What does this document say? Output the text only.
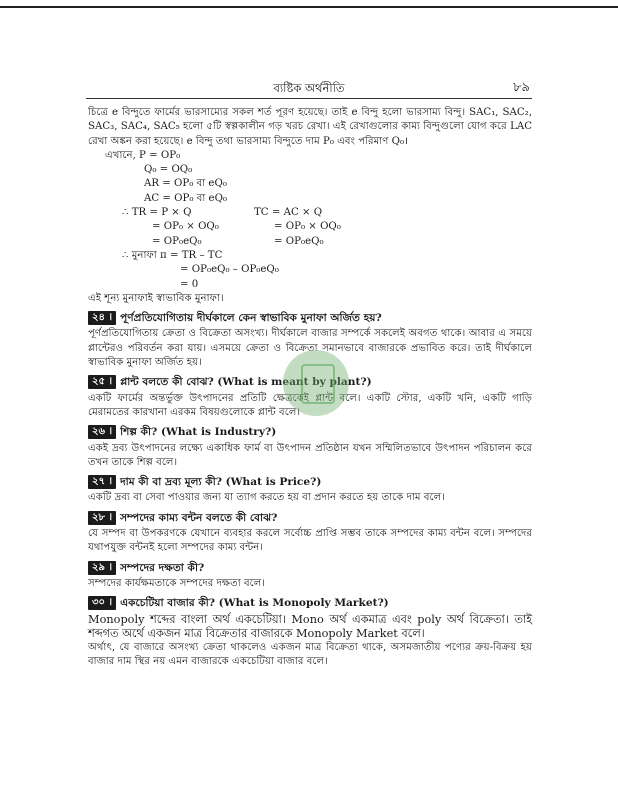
ব্যষ্টিক অর্থনীতি	৮৯

চিত্রে e বিন্দুতে ফার্মের ভারসাম্যের সকল শর্ত পূরণ হয়েছে। তাই e বিন্দু হলো ভারসাম্য বিন্দু। SAC₁, SAC₂, SAC₃, SAC₄, SAC₅ হলো ৫টি স্বল্পকালীন গড় খরচ রেখা। এই রেখাগুলোর কাম্য বিন্দুগুলো যোগ করে LAC রেখা অঙ্কন করা হয়েছে। e বিন্দু তথা ভারসাম্য বিন্দুতে দাম P₀ এবং পরিমাণ Q₀।

এখানে, P = OP₀

Q₀ = OQ₀

AR = OP₀ বা eQ₀

AC = OP₀ বা eQ₀

∴ TR = P × Q

= OP₀ × OQ₀

= OP₀eQ₀

TC = AC × Q

= OP₀ × OQ₀

= OP₀eQ₀

∴ মুনাফা π = TR – TC

= OP₀eQ₀ – OP₀eQ₀

= 0

এই শূন্য মুনাফাই স্বাভাবিক মুনাফা।

২৪ । পূর্ণপ্রতিযোগিতায় দীর্ঘকালে কেন স্বাভাবিক মুনাফা অর্জিত হয়?

পূর্ণপ্রতিযোগিতায় ক্রেতা ও বিক্রেতা অসংখ্য। দীর্ঘকালে বাজার সম্পর্কে সকলেই অবগত থাকে। আবার এ সময়ে প্লান্টেরও পরিবর্তন করা যায়। এসময়ে ক্রেতা ও বিক্রেতা সমানভাবে বাজারকে প্রভাবিত করে। তাই দীর্ঘকালে স্বাভাবিক মুনাফা অর্জিত হয়।

২৫ । প্লান্ট বলতে কী বোঝ? (What is meant by plant?)

একটি ফার্মের অন্তর্ভুক্ত উৎপাদনের প্রতিটি ক্ষেত্রকেই প্লান্ট বলে। একটি স্টোর, একটি খনি, একটি গাড়ি মেরামতের কারখানা এরকম বিষয়গুলোকে প্লান্ট বলে।

২৬ । শিল্প কী? (What is Industry?)

একই দ্রব্য উৎপাদনের লক্ষ্যে একাধিক ফার্ম বা উৎপাদন প্রতিষ্ঠান যখন সম্মিলিতভাবে উৎপাদন পরিচালন করে তখন তাকে শিল্প বলে।

২৭ । দাম কী বা দ্রব্য মূল্য কী? (What is Price?)

একটি দ্রব্য বা সেবা পাওয়ার জন্য যা ত্যাগ করতে হয় বা প্রদান করতে হয় তাকে দাম বলে।

২৮ । সম্পদের কাম্য বন্টন বলতে কী বোঝ?

যে সম্পদ বা উপকরণকে যেখানে ব্যবহার করলে সর্বোচ্চ প্রাপ্তি সম্ভব তাকে সম্পদের কাম্য বন্টন বলে। সম্পদের যথাপযুক্ত বন্টনই হলো সম্পদের কাম্য বন্টন।

২৯ । সম্পদের দক্ষতা কী?

সম্পদের কার্যক্ষমতাকে সম্পদের দক্ষতা বলে।

৩০ । একচেটিয়া বাজার কী? (What is Monopoly Market?)

Monopoly শব্দের বাংলা অর্থ একচেটিয়া। Mono অর্থ একমাত্র এবং poly অর্থ বিক্রেতা। তাই শব্দগত অর্থে একজন মাত্র বিক্রেতার বাজারকে Monopoly Market বলে।

অর্থাৎ, যে বাজারে অসংখ্য ক্রেতা থাকলেও একজন মাত্র বিক্রেতা থাকে, অসমজাতীয় পণ্যের ক্রয়-বিক্রয় হয় বাজার দাম স্থির নয় এমন বাজারকে একচেটিয়া বাজার বলে।
